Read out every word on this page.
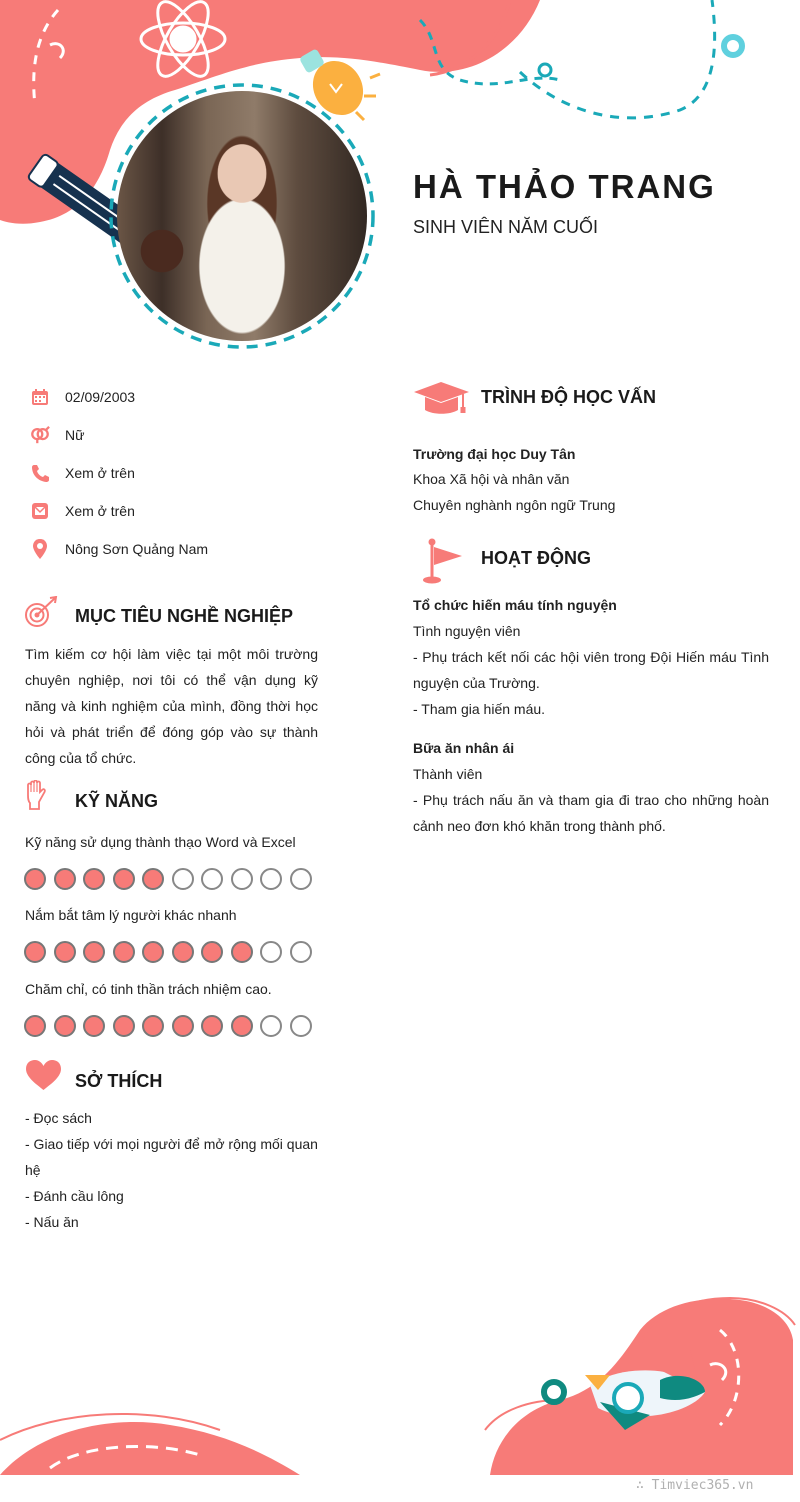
HÀ THẢO TRANG
SINH VIÊN NĂM CUỐI
02/09/2003
Nữ
Xem ở trên
Xem ở trên
Nông Sơn Quảng Nam
MỤC TIÊU NGHỀ NGHIỆP
Tìm kiếm cơ hội làm việc tại một môi trường chuyên nghiệp, nơi tôi có thể vận dụng kỹ năng và kinh nghiệm của mình, đồng thời học hỏi và phát triển để đóng góp vào sự thành công của tổ chức.
KỸ NĂNG
Kỹ năng sử dụng thành thạo Word và Excel
Nắm bắt tâm lý người khác nhanh
Chăm chỉ, có tinh thần trách nhiệm cao.
SỞ THÍCH
- Đọc sách
- Giao tiếp với mọi người để mở rộng mối quan hệ
- Đánh cầu lông
- Nấu ăn
TRÌNH ĐỘ HỌC VẤN
Trường đại học Duy Tân
Khoa Xã hội và nhân văn
Chuyên nghành ngôn ngữ Trung
HOẠT ĐỘNG

Tổ chức hiến máu tính nguyện

Tình nguyện viên

- Phụ trách kết nối các hội viên trong Đội Hiến máu Tình nguyện của Trường.

- Tham gia hiến máu.

Bữa ăn nhân ái

Thành viên

- Phụ trách nấu ăn và tham gia đi trao cho những hoàn cảnh neo đơn khó khăn trong thành phố.

∴ Timviec365.vn
